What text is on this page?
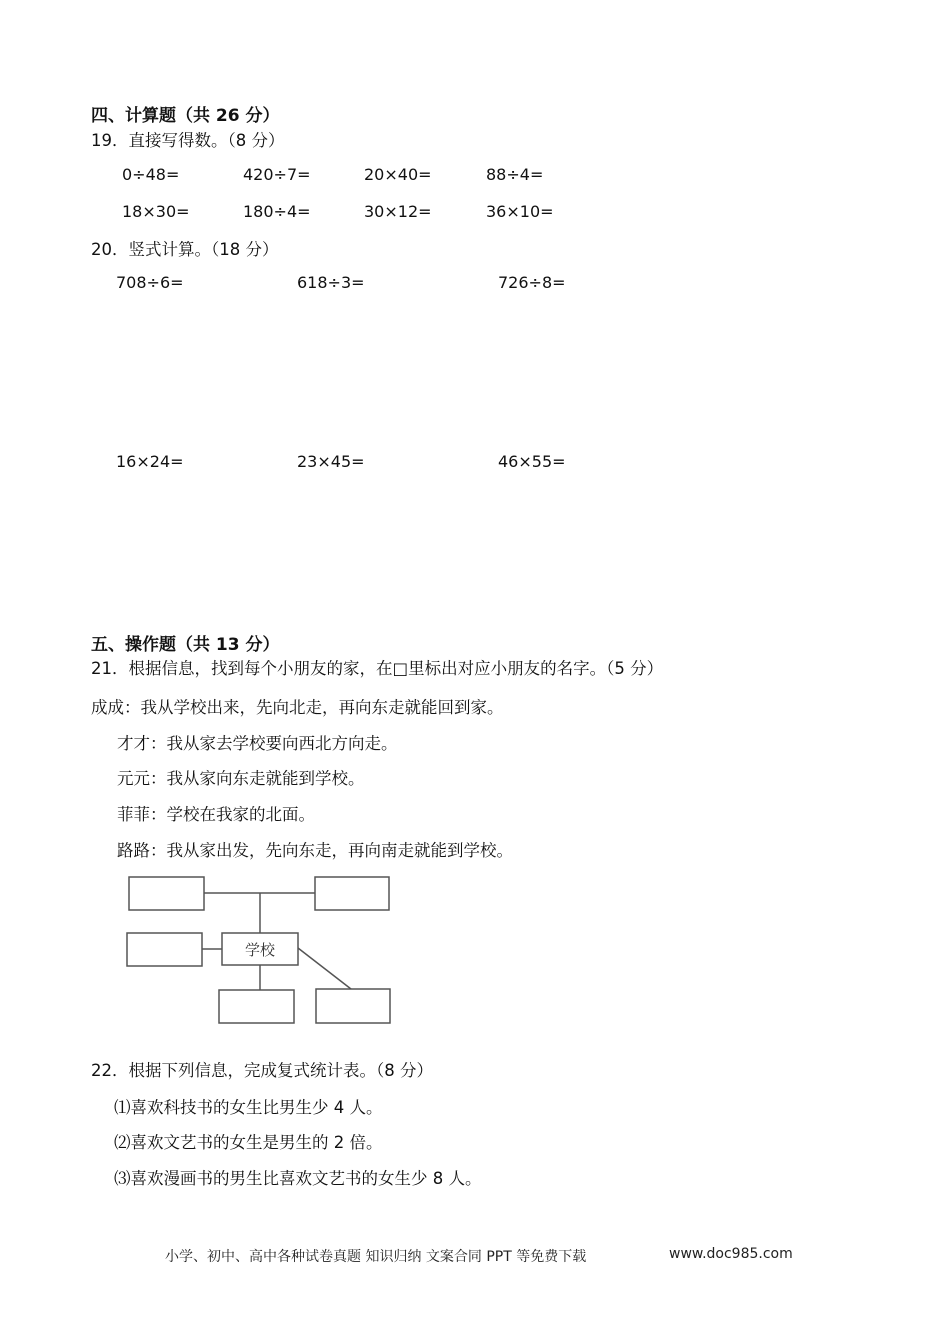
四、计算题（共 26 分）
19．直接写得数。（8 分）
0÷48=	420÷7=	20×40=	88÷4=
18×30=	180÷4=	30×12=	36×10=
20．竖式计算。（18 分）
708÷6=	618÷3=	726÷8=
16×24=	23×45=	46×55=
五、操作题（共 13 分）
21．根据信息，找到每个小朋友的家，在□里标出对应小朋友的名字。（5 分）
成成：我从学校出来，先向北走，再向东走就能回到家。
才才：我从家去学校要向西北方向走。
元元：我从家向东走就能到学校。
菲菲：学校在我家的北面。
路路：我从家出发，先向东走，再向南走就能到学校。
学校
22．根据下列信息，完成复式统计表。（8 分）
⑴喜欢科技书的女生比男生少 4 人。
⑵喜欢文艺书的女生是男生的 2 倍。
⑶喜欢漫画书的男生比喜欢文艺书的女生少 8 人。
小学、初中、高中各种试卷真题 知识归纳 文案合同 PPT 等免费下载	www.doc985.com
